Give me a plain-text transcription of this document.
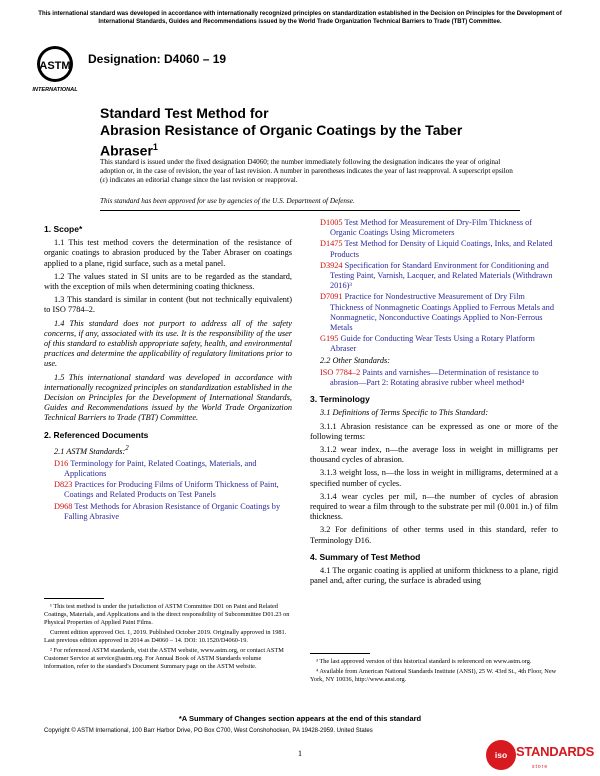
This international standard was developed in accordance with internationally recognized principles on standardization established in the Decision on Principles for the Development of International Standards, Guides and Recommendations issued by the World Trade Organization Technical Barriers to Trade (TBT) Committee.
ASTM
INTERNATIONAL
Designation: D4060 – 19
Standard Test Method for
Abrasion Resistance of Organic Coatings by the Taber Abraser$^1$
This standard is issued under the fixed designation D4060; the number immediately following the designation indicates the year of original adoption or, in the case of revision, the year of last revision. A number in parentheses indicates the year of last reapproval. A superscript epsilon (ε) indicates an editorial change since the last revision or reapproval.
This standard has been approved for use by agencies of the U.S. Department of Defense.
1. Scope*

1.1 This test method covers the determination of the resistance of organic coatings to abrasion produced by the Taber Abraser on coatings applied to a plane, rigid surface, such as a metal panel.

1.2 The values stated in SI units are to be regarded as the standard, with the exception of mils when determining coating thickness.

1.3 This standard is similar in content (but not technically equivalent) to ISO 7784–2.

1.4 This standard does not purport to address all of the safety concerns, if any, associated with its use. It is the responsibility of the user of this standard to establish appropriate safety, health, and environmental practices and determine the applicability of regulatory limitations prior to use.

1.5 This international standard was developed in accordance with internationally recognized principles on standardization established in the Decision on Principles for the Development of International Standards, Guides and Recommendations issued by the World Trade Organization Technical Barriers to Trade (TBT) Committee.

2. Referenced Documents
2.1 ASTM Standards:$^2$
D16 Terminology for Paint, Related Coatings, Materials, and Applications
D823 Practices for Producing Films of Uniform Thickness of Paint, Coatings and Related Products on Test Panels
D968 Test Methods for Abrasion Resistance of Organic Coatings by Falling Abrasive
D1005 Test Method for Measurement of Dry-Film Thickness of Organic Coatings Using Micrometers
D1475 Test Method for Density of Liquid Coatings, Inks, and Related Products
D3924 Specification for Standard Environment for Conditioning and Testing Paint, Varnish, Lacquer, and Related Materials (Withdrawn 2016)³
D7091 Practice for Nondestructive Measurement of Dry Film Thickness of Nonmagnetic Coatings Applied to Ferrous Metals and Nonmagnetic, Nonconductive Coatings Applied to Non-Ferrous Metals
G195 Guide for Conducting Wear Tests Using a Rotary Platform Abraser
2.2 Other Standards:
ISO 7784–2 Paints and varnishes—Determination of resistance to abrasion—Part 2: Rotating abrasive rubber wheel method⁴
3. Terminology

3.1 Definitions of Terms Specific to This Standard:

3.1.1 Abrasion resistance can be expressed as one or more of the following terms:

3.1.2 wear index, n—the average loss in weight in milligrams per thousand cycles of abrasion.

3.1.3 weight loss, n—the loss in weight in milligrams, determined at a specified number of cycles.

3.1.4 wear cycles per mil, n—the number of cycles of abrasion required to wear a film through to the substrate per mil (0.001 in.) of film thickness.

3.2 For definitions of other terms used in this standard, refer to Terminology D16.

4. Summary of Test Method

4.1 The organic coating is applied at uniform thickness to a plane, rigid panel and, after curing, the surface is abraded using

¹ This test method is under the jurisdiction of ASTM Committee D01 on Paint and Related Coatings, Materials, and Applications and is the direct responsibility of Subcommittee D01.23 on Physical Properties of Applied Paint Films.

Current edition approved Oct. 1, 2019. Published October 2019. Originally approved in 1981. Last previous edition approved in 2014 as D4060 – 14. DOI: 10.1520/D4060-19.

² For referenced ASTM standards, visit the ASTM website, www.astm.org, or contact ASTM Customer Service at service@astm.org. For Annual Book of ASTM Standards volume information, refer to the standard's Document Summary page on the ASTM website.

³ The last approved version of this historical standard is referenced on www.astm.org.

⁴ Available from American National Standards Institute (ANSI), 25 W. 43rd St., 4th Floor, New York, NY 10036, http://www.ansi.org.

*A Summary of Changes section appears at the end of this standard
Copyright © ASTM International, 100 Barr Harbor Drive, PO Box C700, West Conshohocken, PA 19428-2959. United States
1	iso STANDARDS
store
